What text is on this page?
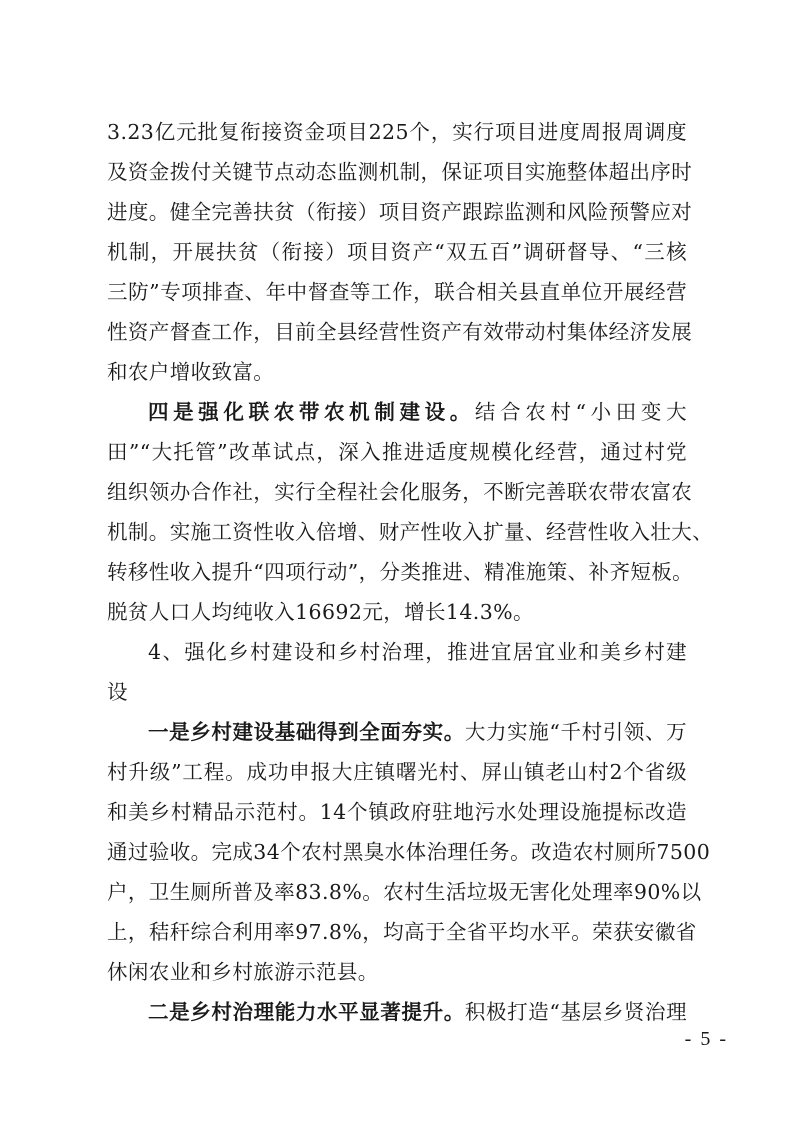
3.23亿元批复衔接资金项目225个，实行项目进度周报周调度
及资金拨付关键节点动态监测机制，保证项目实施整体超出序时
进度。健全完善扶贫（衔接）项目资产跟踪监测和风险预警应对
机制，开展扶贫（衔接）项目资产“双五百”调研督导、“三核
三防”专项排查、年中督查等工作，联合相关县直单位开展经营
性资产督查工作，目前全县经营性资产有效带动村集体经济发展
和农户增收致富。
四是强化联农带农机制建设。结合农村“小田变大
田”“大托管”改革试点，深入推进适度规模化经营，通过村党
组织领办合作社，实行全程社会化服务，不断完善联农带农富农
机制。实施工资性收入倍增、财产性收入扩量、经营性收入壮大、
转移性收入提升“四项行动”，分类推进、精准施策、补齐短板。
脱贫人口人均纯收入16692元，增长14.3%。
4、强化乡村建设和乡村治理，推进宜居宜业和美乡村建
设
一是乡村建设基础得到全面夯实。大力实施“千村引领、万
村升级”工程。成功申报大庄镇曙光村、屏山镇老山村2个省级
和美乡村精品示范村。14个镇政府驻地污水处理设施提标改造
通过验收。完成34个农村黑臭水体治理任务。改造农村厕所7500
户，卫生厕所普及率83.8%。农村生活垃圾无害化处理率90%以
上，秸秆综合利用率97.8%，均高于全省平均水平。荣获安徽省
休闲农业和乡村旅游示范县。
二是乡村治理能力水平显著提升。积极打造“基层乡贤治理
- 5 -
